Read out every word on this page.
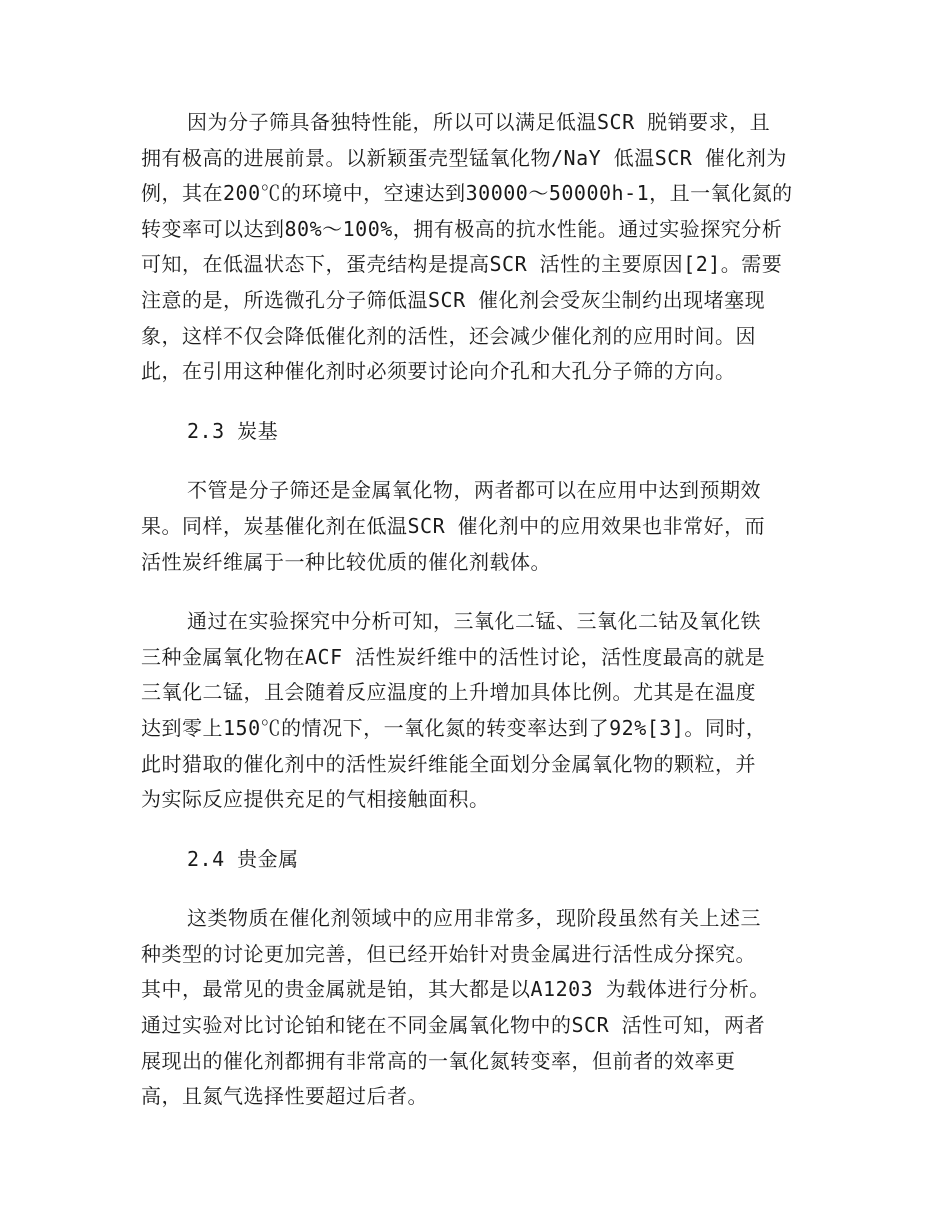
因为分子筛具备独特性能，所以可以满足低温SCR 脱销要求，且
拥有极高的进展前景。以新颖蛋壳型锰氧化物/NaY 低温SCR 催化剂为
例，其在200℃的环境中，空速达到30000～50000h-1，且一氧化氮的
转变率可以达到80%～100%，拥有极高的抗水性能。通过实验探究分析
可知，在低温状态下，蛋壳结构是提高SCR 活性的主要原因[2]。需要
注意的是，所选微孔分子筛低温SCR 催化剂会受灰尘制约出现堵塞现
象，这样不仅会降低催化剂的活性，还会减少催化剂的应用时间。因
此，在引用这种催化剂时必须要讨论向介孔和大孔分子筛的方向。

2.3 炭基

不管是分子筛还是金属氧化物，两者都可以在应用中达到预期效
果。同样，炭基催化剂在低温SCR 催化剂中的应用效果也非常好，而
活性炭纤维属于一种比较优质的催化剂载体。
通过在实验探究中分析可知，三氧化二锰、三氧化二钴及氧化铁
三种金属氧化物在ACF 活性炭纤维中的活性讨论，活性度最高的就是
三氧化二锰，且会随着反应温度的上升增加具体比例。尤其是在温度
达到零上150℃的情况下，一氧化氮的转变率达到了92%[3]。同时，
此时猎取的催化剂中的活性炭纤维能全面划分金属氧化物的颗粒，并
为实际反应提供充足的气相接触面积。

2.4 贵金属

这类物质在催化剂领域中的应用非常多，现阶段虽然有关上述三
种类型的讨论更加完善，但已经开始针对贵金属进行活性成分探究。
其中，最常见的贵金属就是铂，其大都是以A1203 为载体进行分析。
通过实验对比讨论铂和铑在不同金属氧化物中的SCR 活性可知，两者
展现出的催化剂都拥有非常高的一氧化氮转变率，但前者的效率更
高，且氮气选择性要超过后者。
